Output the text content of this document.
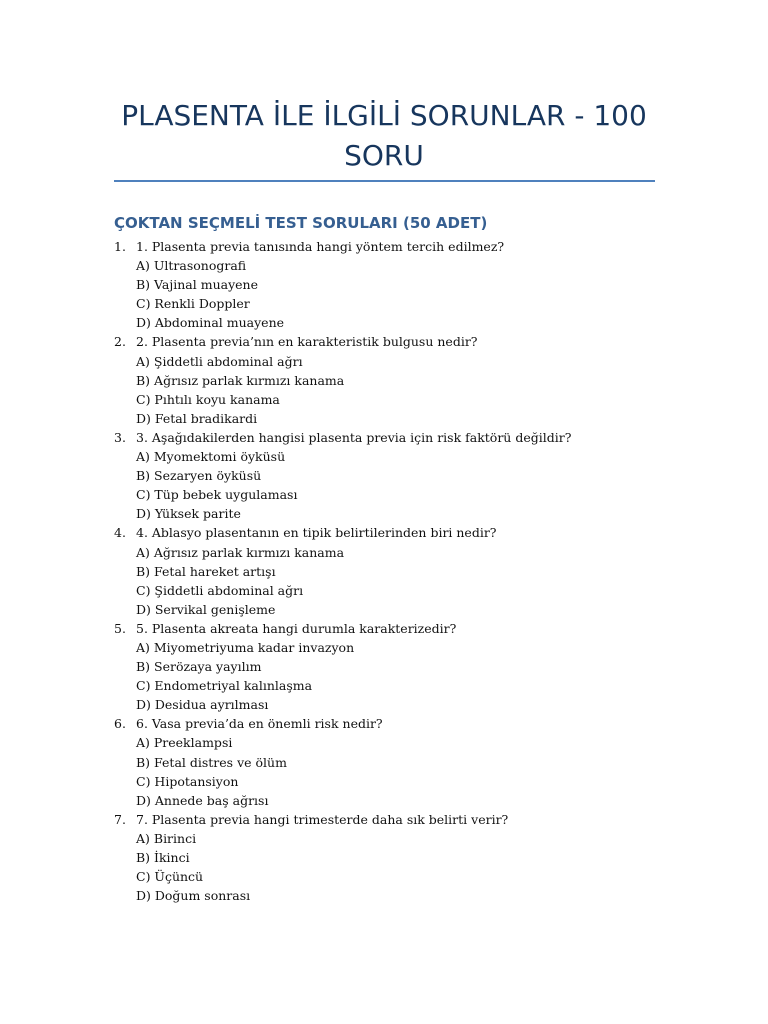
PLASENTA İLE İLGİLİ SORUNLAR - 100
SORU
ÇOKTAN SEÇMELİ TEST SORULARI (50 ADET)
1. 1. Plasenta previa tanısında hangi yöntem tercih edilmez?
A) Ultrasonografi
B) Vajinal muayene
C) Renkli Doppler
D) Abdominal muayene
2. 2. Plasenta previa’nın en karakteristik bulgusu nedir?
A) Şiddetli abdominal ağrı
B) Ağrısız parlak kırmızı kanama
C) Pıhtılı koyu kanama
D) Fetal bradikardi
3. 3. Aşağıdakilerden hangisi plasenta previa için risk faktörü değildir?
A) Myomektomi öyküsü
B) Sezaryen öyküsü
C) Tüp bebek uygulaması
D) Yüksek parite
4. 4. Ablasyo plasentanın en tipik belirtilerinden biri nedir?
A) Ağrısız parlak kırmızı kanama
B) Fetal hareket artışı
C) Şiddetli abdominal ağrı
D) Servikal genişleme
5. 5. Plasenta akreata hangi durumla karakterizedir?
A) Miyometriyuma kadar invazyon
B) Serözaya yayılım
C) Endometriyal kalınlaşma
D) Desidua ayrılması
6. 6. Vasa previa’da en önemli risk nedir?
A) Preeklampsi
B) Fetal distres ve ölüm
C) Hipotansiyon
D) Annede baş ağrısı
7. 7. Plasenta previa hangi trimesterde daha sık belirti verir?
A) Birinci
B) İkinci
C) Üçüncü
D) Doğum sonrası
